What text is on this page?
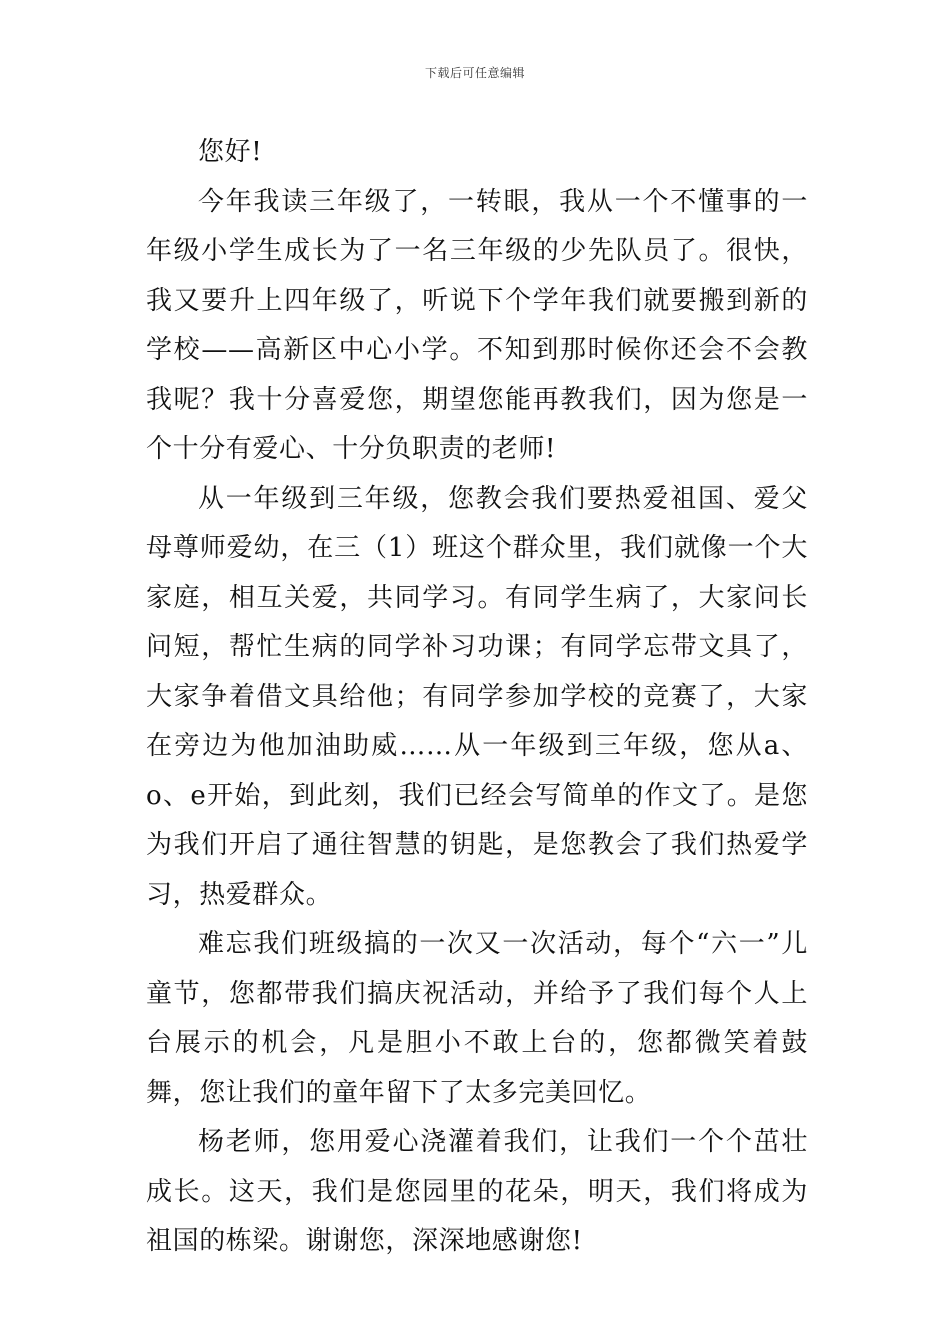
下载后可任意编辑

您好!

今年我读三年级了，一转眼，我从一个不懂事的一年级小学生成长为了一名三年级的少先队员了。很快，我又要升上四年级了，听说下个学年我们就要搬到新的学校——高新区中心小学。不知到那时候你还会不会教我呢？我十分喜爱您，期望您能再教我们，因为您是一个十分有爱心、十分负职责的老师!

从一年级到三年级，您教会我们要热爱祖国、爱父母尊师爱幼，在三（1）班这个群众里，我们就像一个大家庭，相互关爱，共同学习。有同学生病了，大家问长问短，帮忙生病的同学补习功课；有同学忘带文具了，大家争着借文具给他；有同学参加学校的竞赛了，大家在旁边为他加油助威……从一年级到三年级，您从a、o、e开始，到此刻，我们已经会写简单的作文了。是您为我们开启了通往智慧的钥匙，是您教会了我们热爱学习，热爱群众。

难忘我们班级搞的一次又一次活动，每个“六一”儿童节，您都带我们搞庆祝活动，并给予了我们每个人上台展示的机会，凡是胆小不敢上台的，您都微笑着鼓舞，您让我们的童年留下了太多完美回忆。

杨老师，您用爱心浇灌着我们，让我们一个个茁壮成长。这天，我们是您园里的花朵，明天，我们将成为祖国的栋梁。谢谢您，深深地感谢您!
